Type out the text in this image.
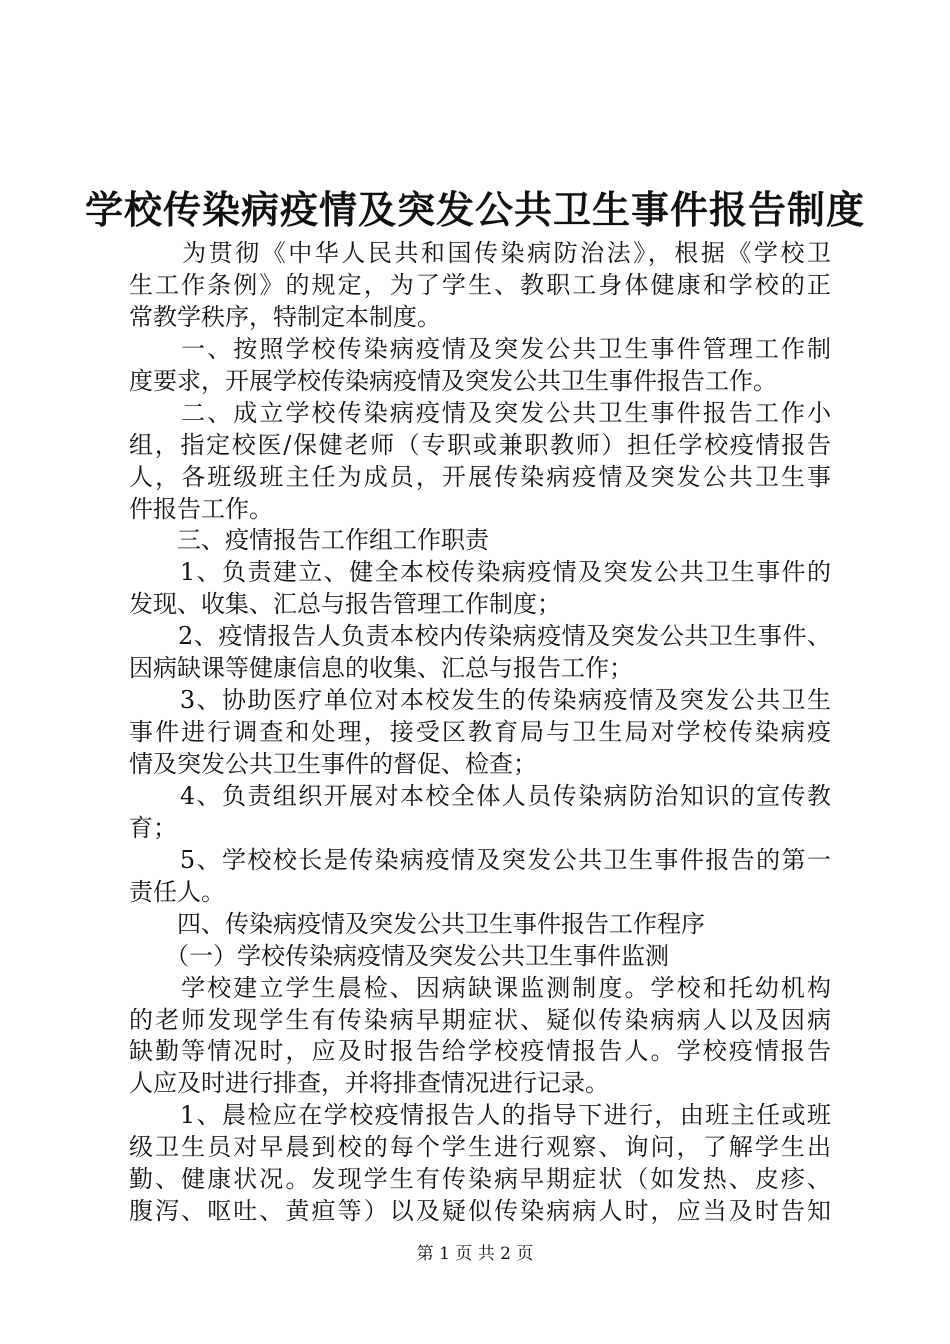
学校传染病疫情及突发公共卫生事件报告制度
　　为贯彻《中华人民共和国传染病防治法》，根据《学校卫
生工作条例》的规定，为了学生、教职工身体健康和学校的正
常教学秩序，特制定本制度。
　　一、按照学校传染病疫情及突发公共卫生事件管理工作制
度要求，开展学校传染病疫情及突发公共卫生事件报告工作。
　　二、成立学校传染病疫情及突发公共卫生事件报告工作小
组，指定校医/保健老师（专职或兼职教师）担任学校疫情报告
人，各班级班主任为成员，开展传染病疫情及突发公共卫生事
件报告工作。
　　三、疫情报告工作组工作职责
　　1、负责建立、健全本校传染病疫情及突发公共卫生事件的
发现、收集、汇总与报告管理工作制度；
　　2、疫情报告人负责本校内传染病疫情及突发公共卫生事件、
因病缺课等健康信息的收集、汇总与报告工作；
　　3、协助医疗单位对本校发生的传染病疫情及突发公共卫生
事件进行调查和处理，接受区教育局与卫生局对学校传染病疫
情及突发公共卫生事件的督促、检查；
　　4、负责组织开展对本校全体人员传染病防治知识的宣传教
育；
　　5、学校校长是传染病疫情及突发公共卫生事件报告的第一
责任人。
　　四、传染病疫情及突发公共卫生事件报告工作程序
　　（一）学校传染病疫情及突发公共卫生事件监测
　　学校建立学生晨检、因病缺课监测制度。学校和托幼机构
的老师发现学生有传染病早期症状、疑似传染病病人以及因病
缺勤等情况时，应及时报告给学校疫情报告人。学校疫情报告
人应及时进行排查，并将排查情况进行记录。
　　1、晨检应在学校疫情报告人的指导下进行，由班主任或班
级卫生员对早晨到校的每个学生进行观察、询问，了解学生出
勤、健康状况。发现学生有传染病早期症状（如发热、皮疹、
腹泻、呕吐、黄疸等）以及疑似传染病病人时，应当及时告知
第 1 页 共 2 页
